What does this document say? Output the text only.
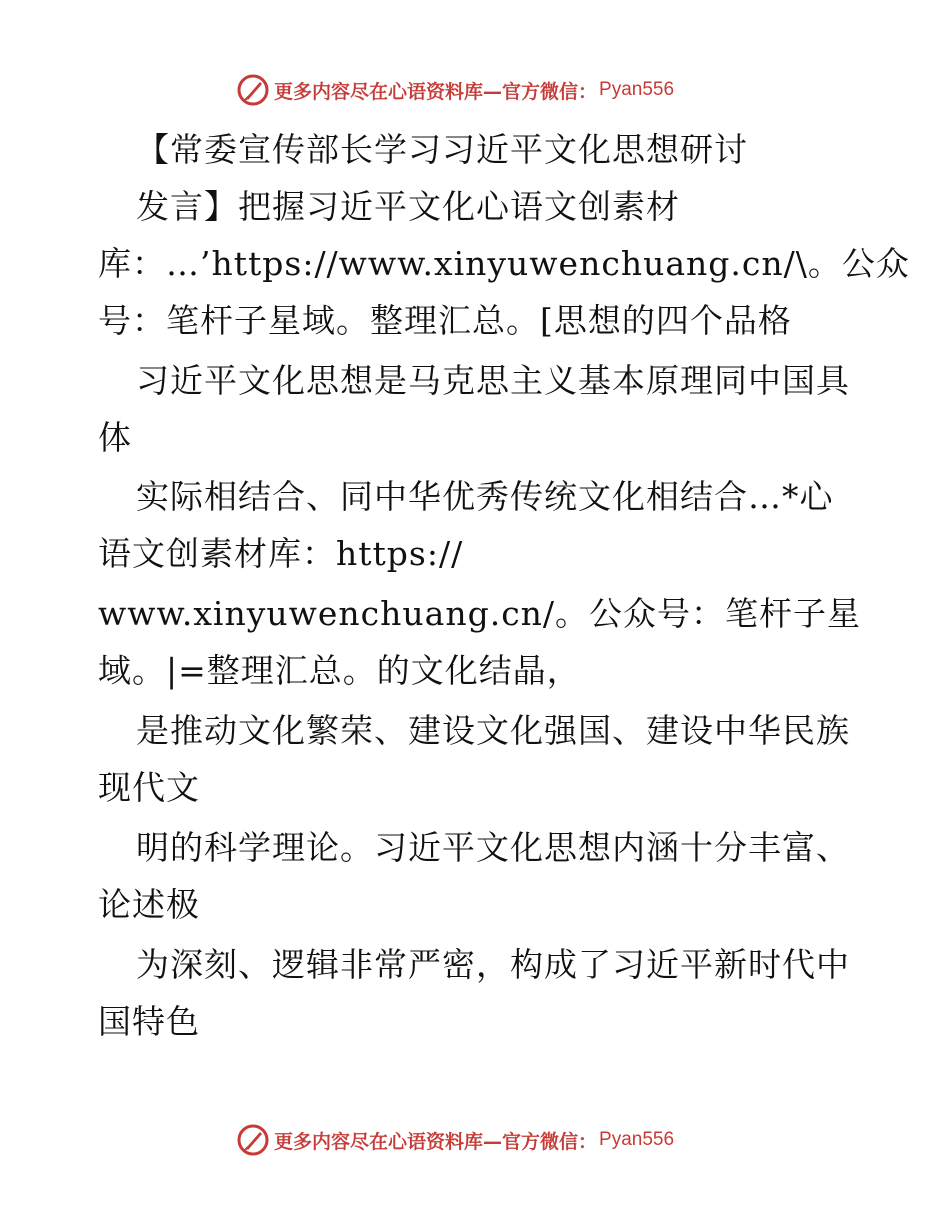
更多内容尽在心语资料库—官方微信： Pyan556
【常委宣传部长学习习近平文化思想研讨
发言】把握习近平文化心语文创素材
库：…’https://www.xinyuwenchuang.cn/\。公众
号：笔杆子星域。整理汇总。[思想的四个品格
习近平文化思想是马克思主义基本原理同中国具
体
实际相结合、同中华优秀传统文化相结合…*心
语文创素材库：https://
www.xinyuwenchuang.cn/。公众号：笔杆子星
域。|=整理汇总。的文化结晶，
是推动文化繁荣、建设文化强国、建设中华民族
现代文
明的科学理论。习近平文化思想内涵十分丰富、
论述极
为深刻、逻辑非常严密，构成了习近平新时代中
国特色
更多内容尽在心语资料库—官方微信： Pyan556
